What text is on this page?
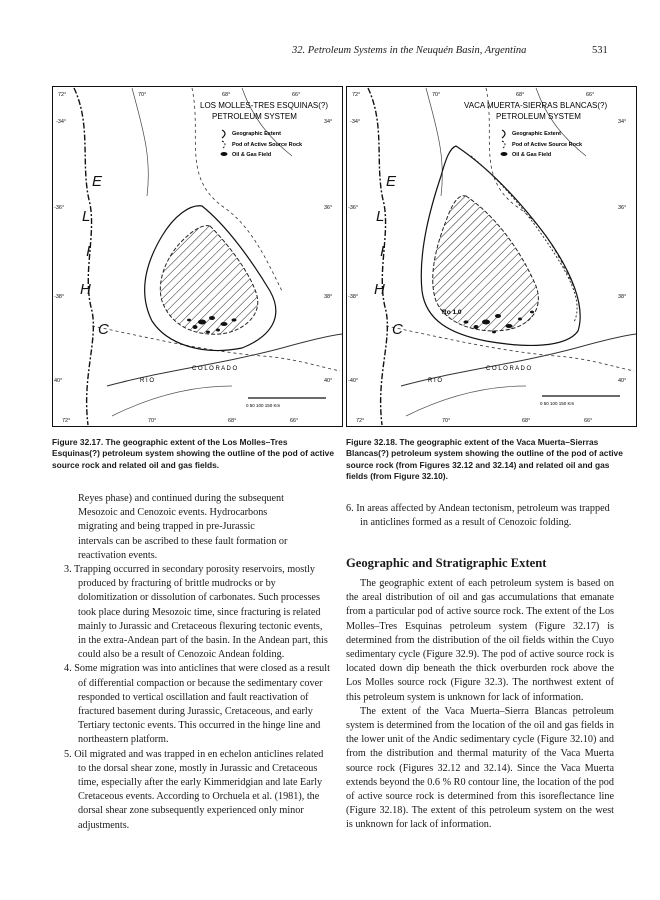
32. Petroleum Systems in the Neuquén Basin, Argentina	531
LOS MOLLES-TRES ESQUINAS(?)
PETROLEUM SYSTEM
Geographic Extent
Pod of Active Source Rock
Oil & Gas Field
C
H
I
L
E
R I O
C O L O R A D O
-34°
-36°
-38°
40°
34°
36°
38°
40°
72°	70°	68°	66°
72°	70°	68°	66°
0 50 100 150 Km
Ro 1.0
VACA MUERTA-SIERRAS BLANCAS(?)
PETROLEUM SYSTEM
Geographic Extent
Pod of Active Source Rock
Oil & Gas Field
C
H
I
L
E
R I O
C O L O R A D O
-34°
-36°
-38°
-40°
34°
36°
38°
40°
72°	70°	68°	66°
72°	70°	68°	66°
0 50 100 150 Km
Figure 32.17. The geographic extent of the Los Molles–Tres Esquinas(?) petroleum system showing the outline of the pod of active source rock and related oil and gas fields.
Figure 32.18. The geographic extent of the Vaca Muerta–Sierras Blancas(?) petroleum system showing the outline of the pod of active source rock (from Figures 32.12 and 32.14) and related oil and gas fields (from Figure 32.10).
Reyes phase) and continued during the subsequent
Mesozoic and Cenozoic events. Hydrocarbons
migrating and being trapped in pre-Jurassic
intervals can be ascribed to these fault formation or
reactivation events.

3. Trapping occurred in secondary porosity reservoirs, mostly produced by fracturing of brittle mudrocks or by dolomitization or dissolution of carbonates. Such processes took place during Mesozoic time, since fracturing is related mainly to Jurassic and Cretaceous flexuring tectonic events, in the extra-Andean part of the basin. In the Andean part, this could also be a result of Cenozoic Andean folding.

4. Some migration was into anticlines that were closed as a result of differential compaction or because the sedimentary cover responded to vertical oscillation and fault reactivation of fractured basement during Jurassic, Cretaceous, and early Tertiary tectonic events. This occurred in the hinge line and northeastern platform.

5. Oil migrated and was trapped in en echelon anticlines related to the dorsal shear zone, mostly in Jurassic and Cretaceous time, especially after the early Kimmeridgian and late Early Cretaceous events. According to Orchuela et al. (1981), the dorsal shear zone subsequently experienced only minor adjustments.

6. In areas affected by Andean tectonism, petroleum was trapped in anticlines formed as a result of Cenozoic folding.

Geographic and Stratigraphic Extent

The geographic extent of each petroleum system is based on the areal distribution of oil and gas accumulations that emanate from a particular pod of active source rock. The extent of the Los Molles–Tres Esquinas petroleum system (Figure 32.17) is determined from the distribution of the oil fields within the Cuyo sedimentary cycle (Figure 32.9). The pod of active source rock is located down dip beneath the thick overburden rock above the Los Molles source rock (Figure 32.3). The northwest extent of this petroleum system is unknown for lack of information.

The extent of the Vaca Muerta–Sierra Blancas petroleum system is determined from the location of the oil and gas fields in the lower unit of the Andic sedimentary cycle (Figure 32.10) and from the distribution and thermal maturity of the Vaca Muerta source rock (Figures 32.12 and 32.14). Since the Vaca Muerta extends beyond the 0.6 % R0 contour line, the location of the pod of active source rock is determined from this isoreflectance line (Figure 32.18). The extent of this petroleum system on the west is unknown for lack of information.
